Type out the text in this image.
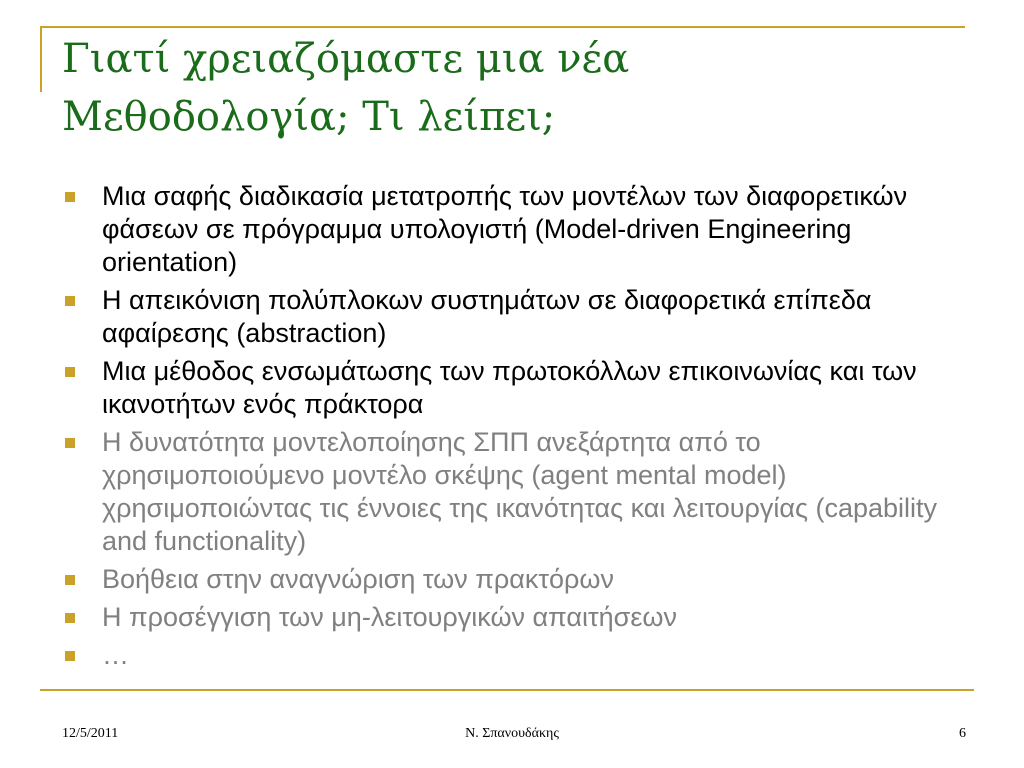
Γιατί χρειαζόμαστε μια νέα
Μεθοδολογία; Τι λείπει;
Μια σαφής διαδικασία μετατροπής των μοντέλων των διαφορετικών φάσεων σε πρόγραμμα υπολογιστή (Model-driven Engineering orientation)
Η απεικόνιση πολύπλοκων συστημάτων σε διαφορετικά επίπεδα αφαίρεσης (abstraction)
Μια μέθοδος ενσωμάτωσης των πρωτοκόλλων επικοινωνίας και των ικανοτήτων ενός πράκτορα
Η δυνατότητα μοντελοποίησης ΣΠΠ ανεξάρτητα από το χρησιμοποιούμενο μοντέλο σκέψης (agent mental model) χρησιμοποιώντας τις έννοιες της ικανότητας και λειτουργίας (capability and functionality)
Βοήθεια στην αναγνώριση των πρακτόρων
Η προσέγγιση των μη-λειτουργικών απαιτήσεων
…
12/5/2011	Ν. Σπανουδάκης	6
